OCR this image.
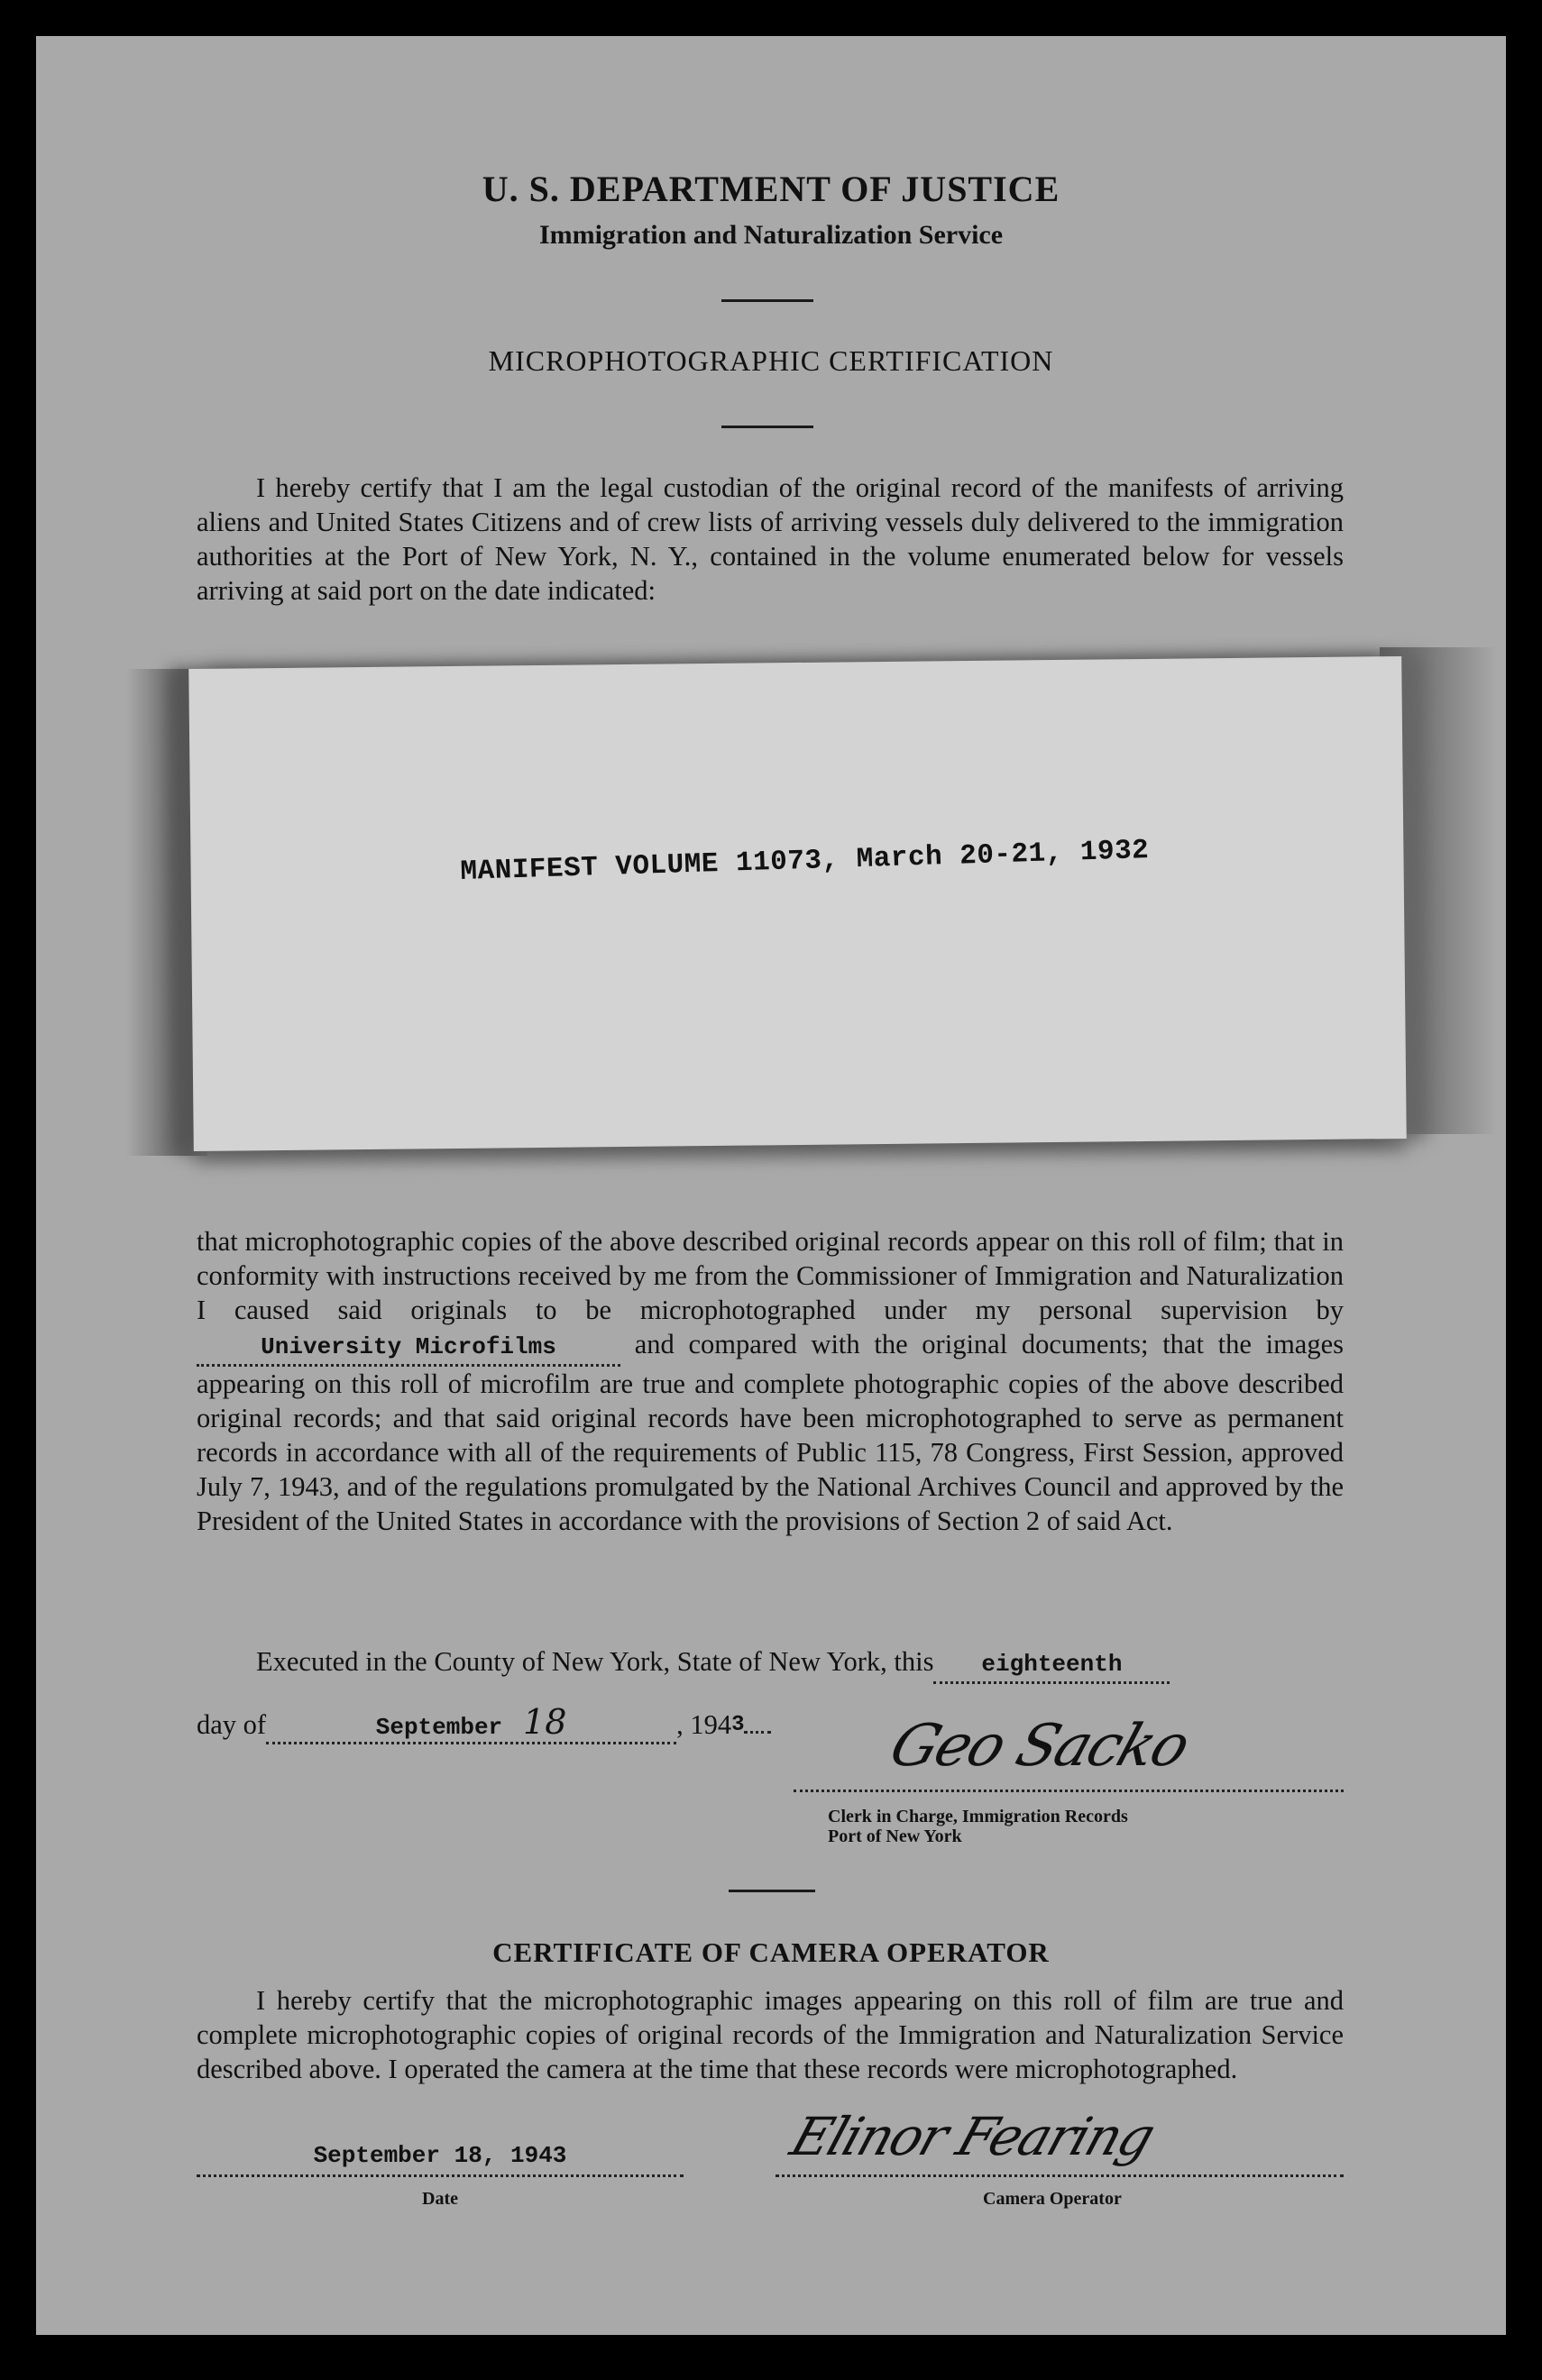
U. S. DEPARTMENT OF JUSTICE
Immigration and Naturalization Service
MICROPHOTOGRAPHIC CERTIFICATION

I hereby certify that I am the legal custodian of the original record of the manifests of arriving aliens and United States Citizens and of crew lists of arriving vessels duly delivered to the immigration authorities at the Port of New York, N. Y., contained in the volume enumerated below for vessels arriving at said port on the date indicated:

MANIFEST VOLUME 11073, March 20-21, 1932

that microphotographic copies of the above described original records appear on this roll of film; that in conformity with instructions received by me from the Commissioner of Immigration and Naturalization I caused said originals to be microphotographed under my personal supervision byUniversity Microfilms	and compared with the original documents; that the images appearing on this roll of microfilm are true and complete photographic copies of the above described original records; and that said original records have been microphotographed to serve as permanent records in accordance with all of the requirements of Public 115, 78 Congress, First Session, approved July 7, 1943, and of the regulations promulgated by the National Archives Council and approved by the President of the United States in accordance with the provisions of Section 2 of said Act.

Executed in the County of New York, State of New York, this eighteenth

day of	September 18	, 1943	Geo Sacko
Clerk in Charge, Immigration Records
Port of New York
CERTIFICATE OF CAMERA OPERATOR

I hereby certify that the microphotographic images appearing on this roll of film are true and complete microphotographic copies of original records of the Immigration and Naturalization Service described above. I operated the camera at the time that these records were microphotographed.

September 18, 1943
Date
Elinor Fearing
Camera Operator
